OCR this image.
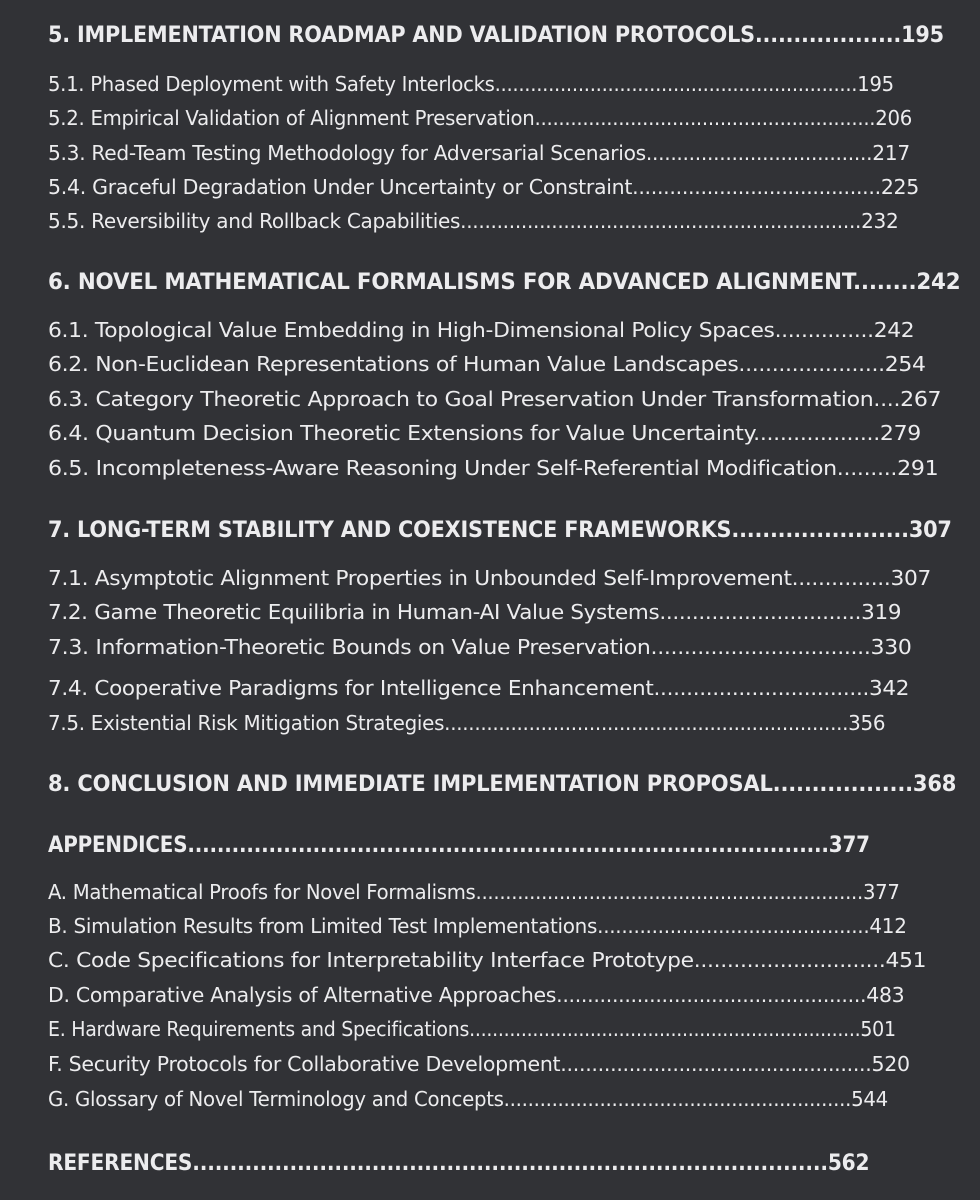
5. IMPLEMENTATION ROADMAP AND VALIDATION PROTOCOLS...................195
5.1. Phased Deployment with Safety Interlocks.............................................................195
5.2. Empirical Validation of Alignment Preservation.........................................................206
5.3. Red-Team Testing Methodology for Adversarial Scenarios.....................................217
5.4. Graceful Degradation Under Uncertainty or Constraint........................................225
5.5. Reversibility and Rollback Capabilities..................................................................232
6. NOVEL MATHEMATICAL FORMALISMS FOR ADVANCED ALIGNMENT........242
6.1. Topological Value Embedding in High-Dimensional Policy Spaces...............242
6.2. Non-Euclidean Representations of Human Value Landscapes......................254
6.3. Category Theoretic Approach to Goal Preservation Under Transformation....267
6.4. Quantum Decision Theoretic Extensions for Value Uncertainty...................279
6.5. Incompleteness-Aware Reasoning Under Self-Referential Modification.........291
7. LONG-TERM STABILITY AND COEXISTENCE FRAMEWORKS.......................307
7.1. Asymptotic Alignment Properties in Unbounded Self-Improvement...............307
7.2. Game Theoretic Equilibria in Human-AI Value Systems...............................319
7.3. Information-Theoretic Bounds on Value Preservation.................................330
7.4. Cooperative Paradigms for Intelligence Enhancement.................................342
7.5. Existential Risk Mitigation Strategies...................................................................356
8. CONCLUSION AND IMMEDIATE IMPLEMENTATION PROPOSAL..................368
APPENDICES.......................................................................................377
A. Mathematical Proofs for Novel Formalisms.................................................................377
B. Simulation Results from Limited Test Implementations.............................................412
C. Code Specifications for Interpretability Interface Prototype.............................451
D. Comparative Analysis of Alternative Approaches..................................................483
E. Hardware Requirements and Specifications....................................................................501
F. Security Protocols for Collaborative Development..................................................520
G. Glossary of Novel Terminology and Concepts..........................................................544
REFERENCES.....................................................................................562
